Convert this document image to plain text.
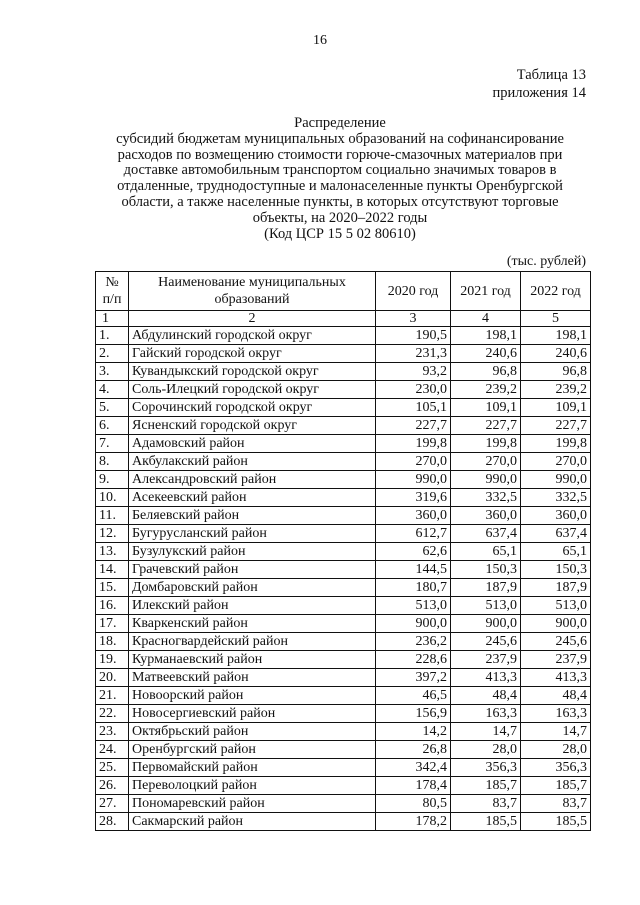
16
Таблица 13
приложения 14
Распределение
субсидий бюджетам муниципальных образований на софинансирование
расходов по возмещению стоимости горюче-смазочных материалов при
доставке автомобильным транспортом социально значимых товаров в
отдаленные, труднодоступные и малонаселенные пункты Оренбургской
области, а также населенные пункты, в которых отсутствуют торговые
объекты, на 2020–2022 годы
(Код ЦСР 15 5 02 80610)
(тыс. рублей)
№ п/п	Наименование муниципальных образований	2020 год	2021 год	2022 год
1	2	3	4	5
1.	Абдулинский городской округ	190,5	198,1	198,1
2.	Гайский городской округ	231,3	240,6	240,6
3.	Кувандыкский городской округ	93,2	96,8	96,8
4.	Соль-Илецкий городской округ	230,0	239,2	239,2
5.	Сорочинский городской округ	105,1	109,1	109,1
6.	Ясненский городской округ	227,7	227,7	227,7
7.	Адамовский район	199,8	199,8	199,8
8.	Акбулакский район	270,0	270,0	270,0
9.	Александровский район	990,0	990,0	990,0
10.	Асекеевский район	319,6	332,5	332,5
11.	Беляевский район	360,0	360,0	360,0
12.	Бугурусланский район	612,7	637,4	637,4
13.	Бузулукский район	62,6	65,1	65,1
14.	Грачевский район	144,5	150,3	150,3
15.	Домбаровский район	180,7	187,9	187,9
16.	Илекский район	513,0	513,0	513,0
17.	Кваркенский район	900,0	900,0	900,0
18.	Красногвардейский район	236,2	245,6	245,6
19.	Курманаевский район	228,6	237,9	237,9
20.	Матвеевский район	397,2	413,3	413,3
21.	Новоорский район	46,5	48,4	48,4
22.	Новосергиевский район	156,9	163,3	163,3
23.	Октябрьский район	14,2	14,7	14,7
24.	Оренбургский район	26,8	28,0	28,0
25.	Первомайский район	342,4	356,3	356,3
26.	Переволоцкий район	178,4	185,7	185,7
27.	Пономаревский район	80,5	83,7	83,7
28.	Сакмарский район	178,2	185,5	185,5
